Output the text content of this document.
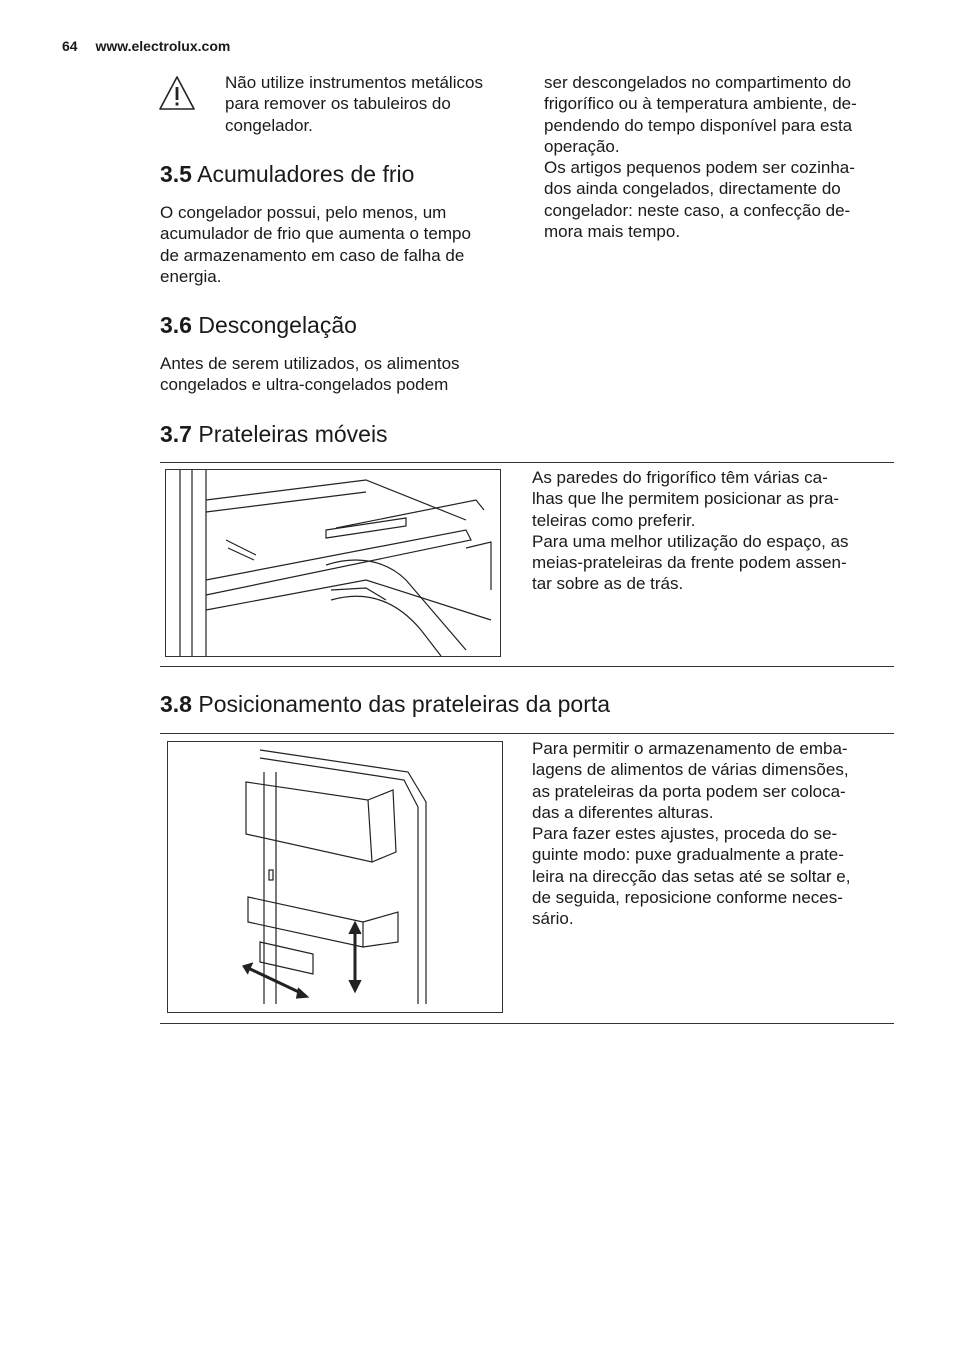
64 www.electrolux.com
Não utilize instrumentos metálicos
para remover os tabuleiros do
congelador.
3.5 Acumuladores de frio
O congelador possui, pelo menos, um
acumulador de frio que aumenta o tempo
de armazenamento em caso de falha de
energia.
3.6 Descongelação
Antes de serem utilizados, os alimentos
congelados e ultra-congelados podem
ser descongelados no compartimento do
frigorífico ou à temperatura ambiente, de-
pendendo do tempo disponível para esta
operação.
Os artigos pequenos podem ser cozinha-
dos ainda congelados, directamente do
congelador: neste caso, a confecção de-
mora mais tempo.
3.7 Prateleiras móveis
As paredes do frigorífico têm várias ca-
lhas que lhe permitem posicionar as pra-
teleiras como preferir.
Para uma melhor utilização do espaço, as
meias-prateleiras da frente podem assen-
tar sobre as de trás.
3.8 Posicionamento das prateleiras da porta
Para permitir o armazenamento de emba-
lagens de alimentos de várias dimensões,
as prateleiras da porta podem ser coloca-
das a diferentes alturas.
Para fazer estes ajustes, proceda do se-
guinte modo: puxe gradualmente a prate-
leira na direcção das setas até se soltar e,
de seguida, reposicione conforme neces-
sário.
